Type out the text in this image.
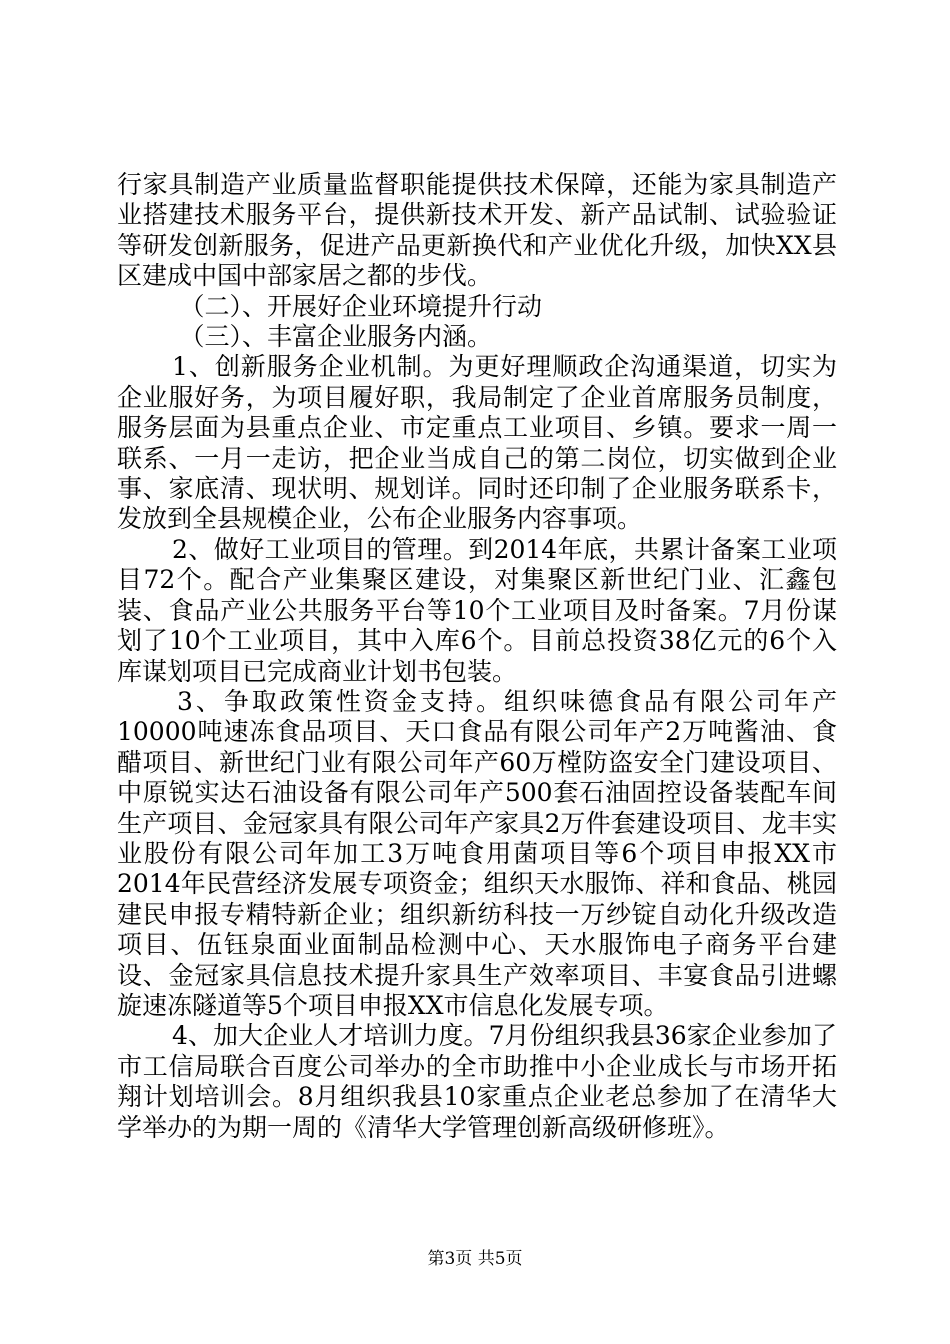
行家具制造产业质量监督职能提供技术保障，还能为家具制造产业搭建技术服务平台，提供新技术开发、新产品试制、试验验证等研发创新服务，促进产品更新换代和产业优化升级，加快XX县区建成中国中部家居之都的步伐。

（二）、开展好企业环境提升行动

（三）、丰富企业服务内涵。

1、创新服务企业机制。为更好理顺政企沟通渠道，切实为企业服好务，为项目履好职，我局制定了企业首席服务员制度，服务层面为县重点企业、市定重点工业项目、乡镇。要求一周一联系、一月一走访，把企业当成自己的第二岗位，切实做到企业事、家底清、现状明、规划详。同时还印制了企业服务联系卡，发放到全县规模企业，公布企业服务内容事项。

2、做好工业项目的管理。到2014年底，共累计备案工业项目72个。配合产业集聚区建设，对集聚区新世纪门业、汇鑫包装、食品产业公共服务平台等10个工业项目及时备案。7月份谋划了10个工业项目，其中入库6个。目前总投资38亿元的6个入库谋划项目已完成商业计划书包装。

3、争取政策性资金支持。组织味德食品有限公司年产10000吨速冻食品项目、天口食品有限公司年产2万吨酱油、食醋项目、新世纪门业有限公司年产60万樘防盗安全门建设项目、中原锐实达石油设备有限公司年产500套石油固控设备装配车间生产项目、金冠家具有限公司年产家具2万件套建设项目、龙丰实业股份有限公司年加工3万吨食用菌项目等6个项目申报XX市2014年民营经济发展专项资金；组织天水服饰、祥和食品、桃园建民申报专精特新企业；组织新纺科技一万纱锭自动化升级改造项目、伍钰泉面业面制品检测中心、天水服饰电子商务平台建设、金冠家具信息技术提升家具生产效率项目、丰宴食品引进螺旋速冻隧道等5个项目申报XX市信息化发展专项。

4、加大企业人才培训力度。7月份组织我县36家企业参加了市工信局联合百度公司举办的全市助推中小企业成长与市场开拓翔计划培训会。8月组织我县10家重点企业老总参加了在清华大学举办的为期一周的《清华大学管理创新高级研修班》。

第3页 共5页
